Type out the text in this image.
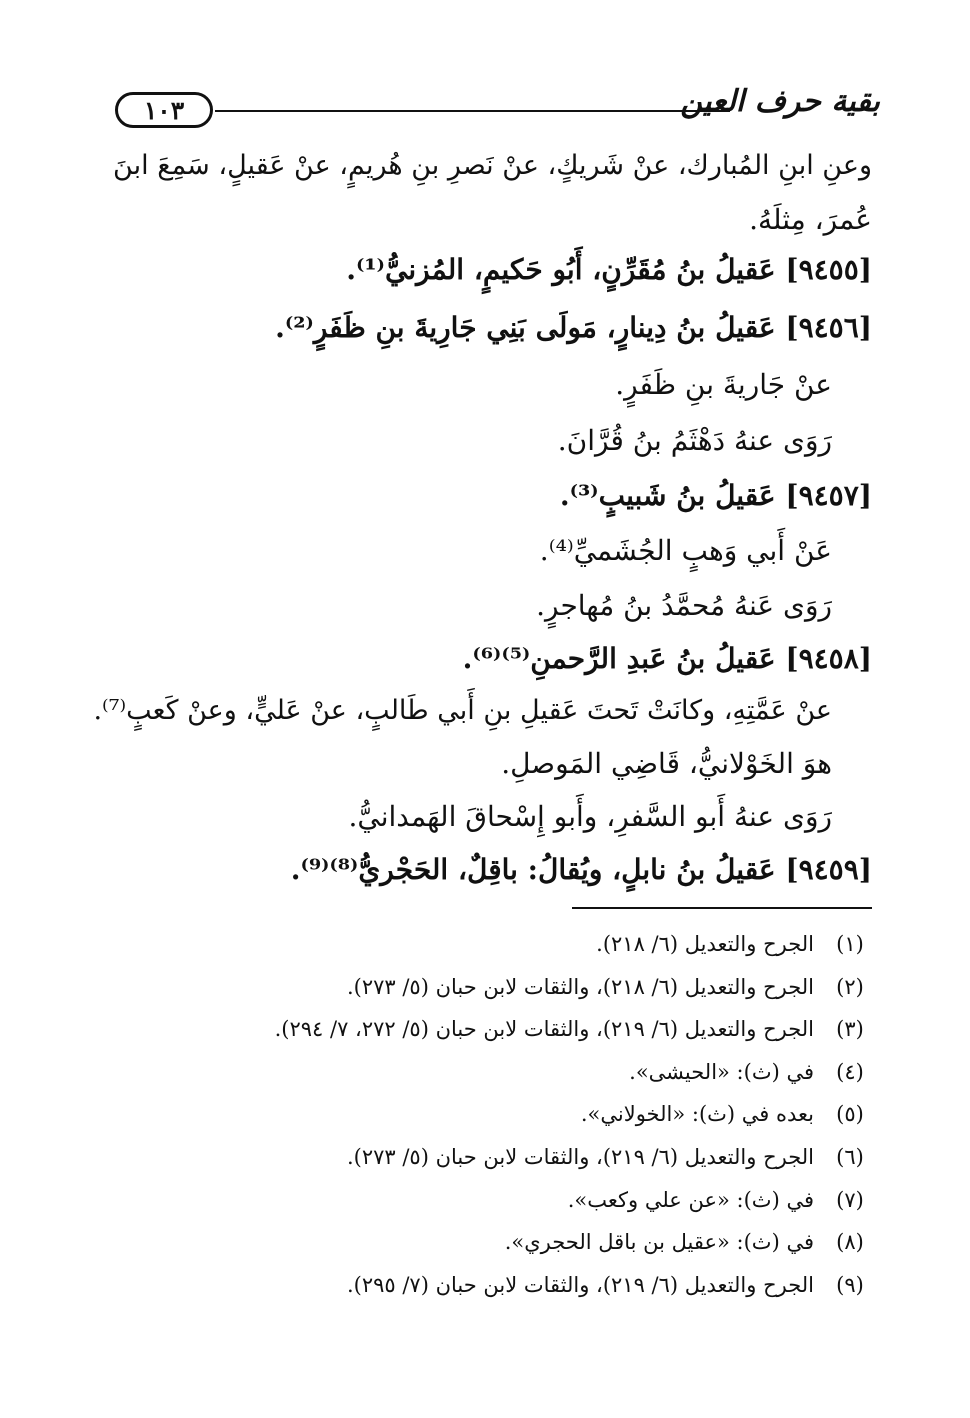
١٠٣	بقية حرف العين
وعنِ ابنِ المُبارك، عنْ شَريكٍ، عنْ نَصرِ بنِ هُريمٍ، عنْ عَقيلٍ، سَمِعَ ابنَ
عُمرَ، مِثلَهُ.
[٩٤٥٥] عَقيلُ بنُ مُقَرِّنٍ، أَبُو حَكيمٍ، المُزنيُّ⁽¹⁾.
[٩٤٥٦] عَقيلُ بنُ دِينارٍ، مَولَى بَنِي جَارِيةَ بنِ ظَفَرٍ⁽²⁾.
عنْ جَاريةَ بنِ ظَفَرٍ.
رَوَى عنهُ دَهْثَمُ بنُ قُرَّانَ.
[٩٤٥٧] عَقيلُ بنُ شَبيبٍ⁽³⁾.
عَنْ أَبي وَهبٍ الجُشَميِّ⁽⁴⁾.
رَوَى عَنهُ مُحمَّدُ بنُ مُهاجرٍ.
[٩٤٥٨] عَقيلُ بنُ عَبدِ الرَّحمنِ⁽⁵⁾⁽⁶⁾.
عنْ عَمَّتِهِ، وكانَتْ تَحتَ عَقيلِ بنِ أَبي طَالبٍ، عنْ عَليٍّ، وعنْ كَعبٍ⁽⁷⁾.
هوَ الخَوْلانيُّ، قَاضِي المَوصلِ.
رَوَى عنهُ أَبو السَّفرِ، وأَبو إِسْحاقَ الهَمدانيُّ.
[٩٤٥٩] عَقيلُ بنُ نابلٍ، ويُقالُ: باقِلٌ، الحَجْريُّ⁽⁸⁾⁽⁹⁾.
(١)
الجرح والتعديل (٦/ ٢١٨).
(٢)
الجرح والتعديل (٦/ ٢١٨)، والثقات لابن حبان (٥/ ٢٧٣).
(٣)
الجرح والتعديل (٦/ ٢١٩)، والثقات لابن حبان (٥/ ٢٧٢، ٧/ ٢٩٤).
(٤)
في (ث): «الحيشى».
(٥)
بعده في (ث): «الخولاني».
(٦)
الجرح والتعديل (٦/ ٢١٩)، والثقات لابن حبان (٥/ ٢٧٣).
(٧)
في (ث): «عن علي وكعب».
(٨)
في (ث): «عقيل بن باقل الحجري».
(٩)
الجرح والتعديل (٦/ ٢١٩)، والثقات لابن حبان (٧/ ٢٩٥).
